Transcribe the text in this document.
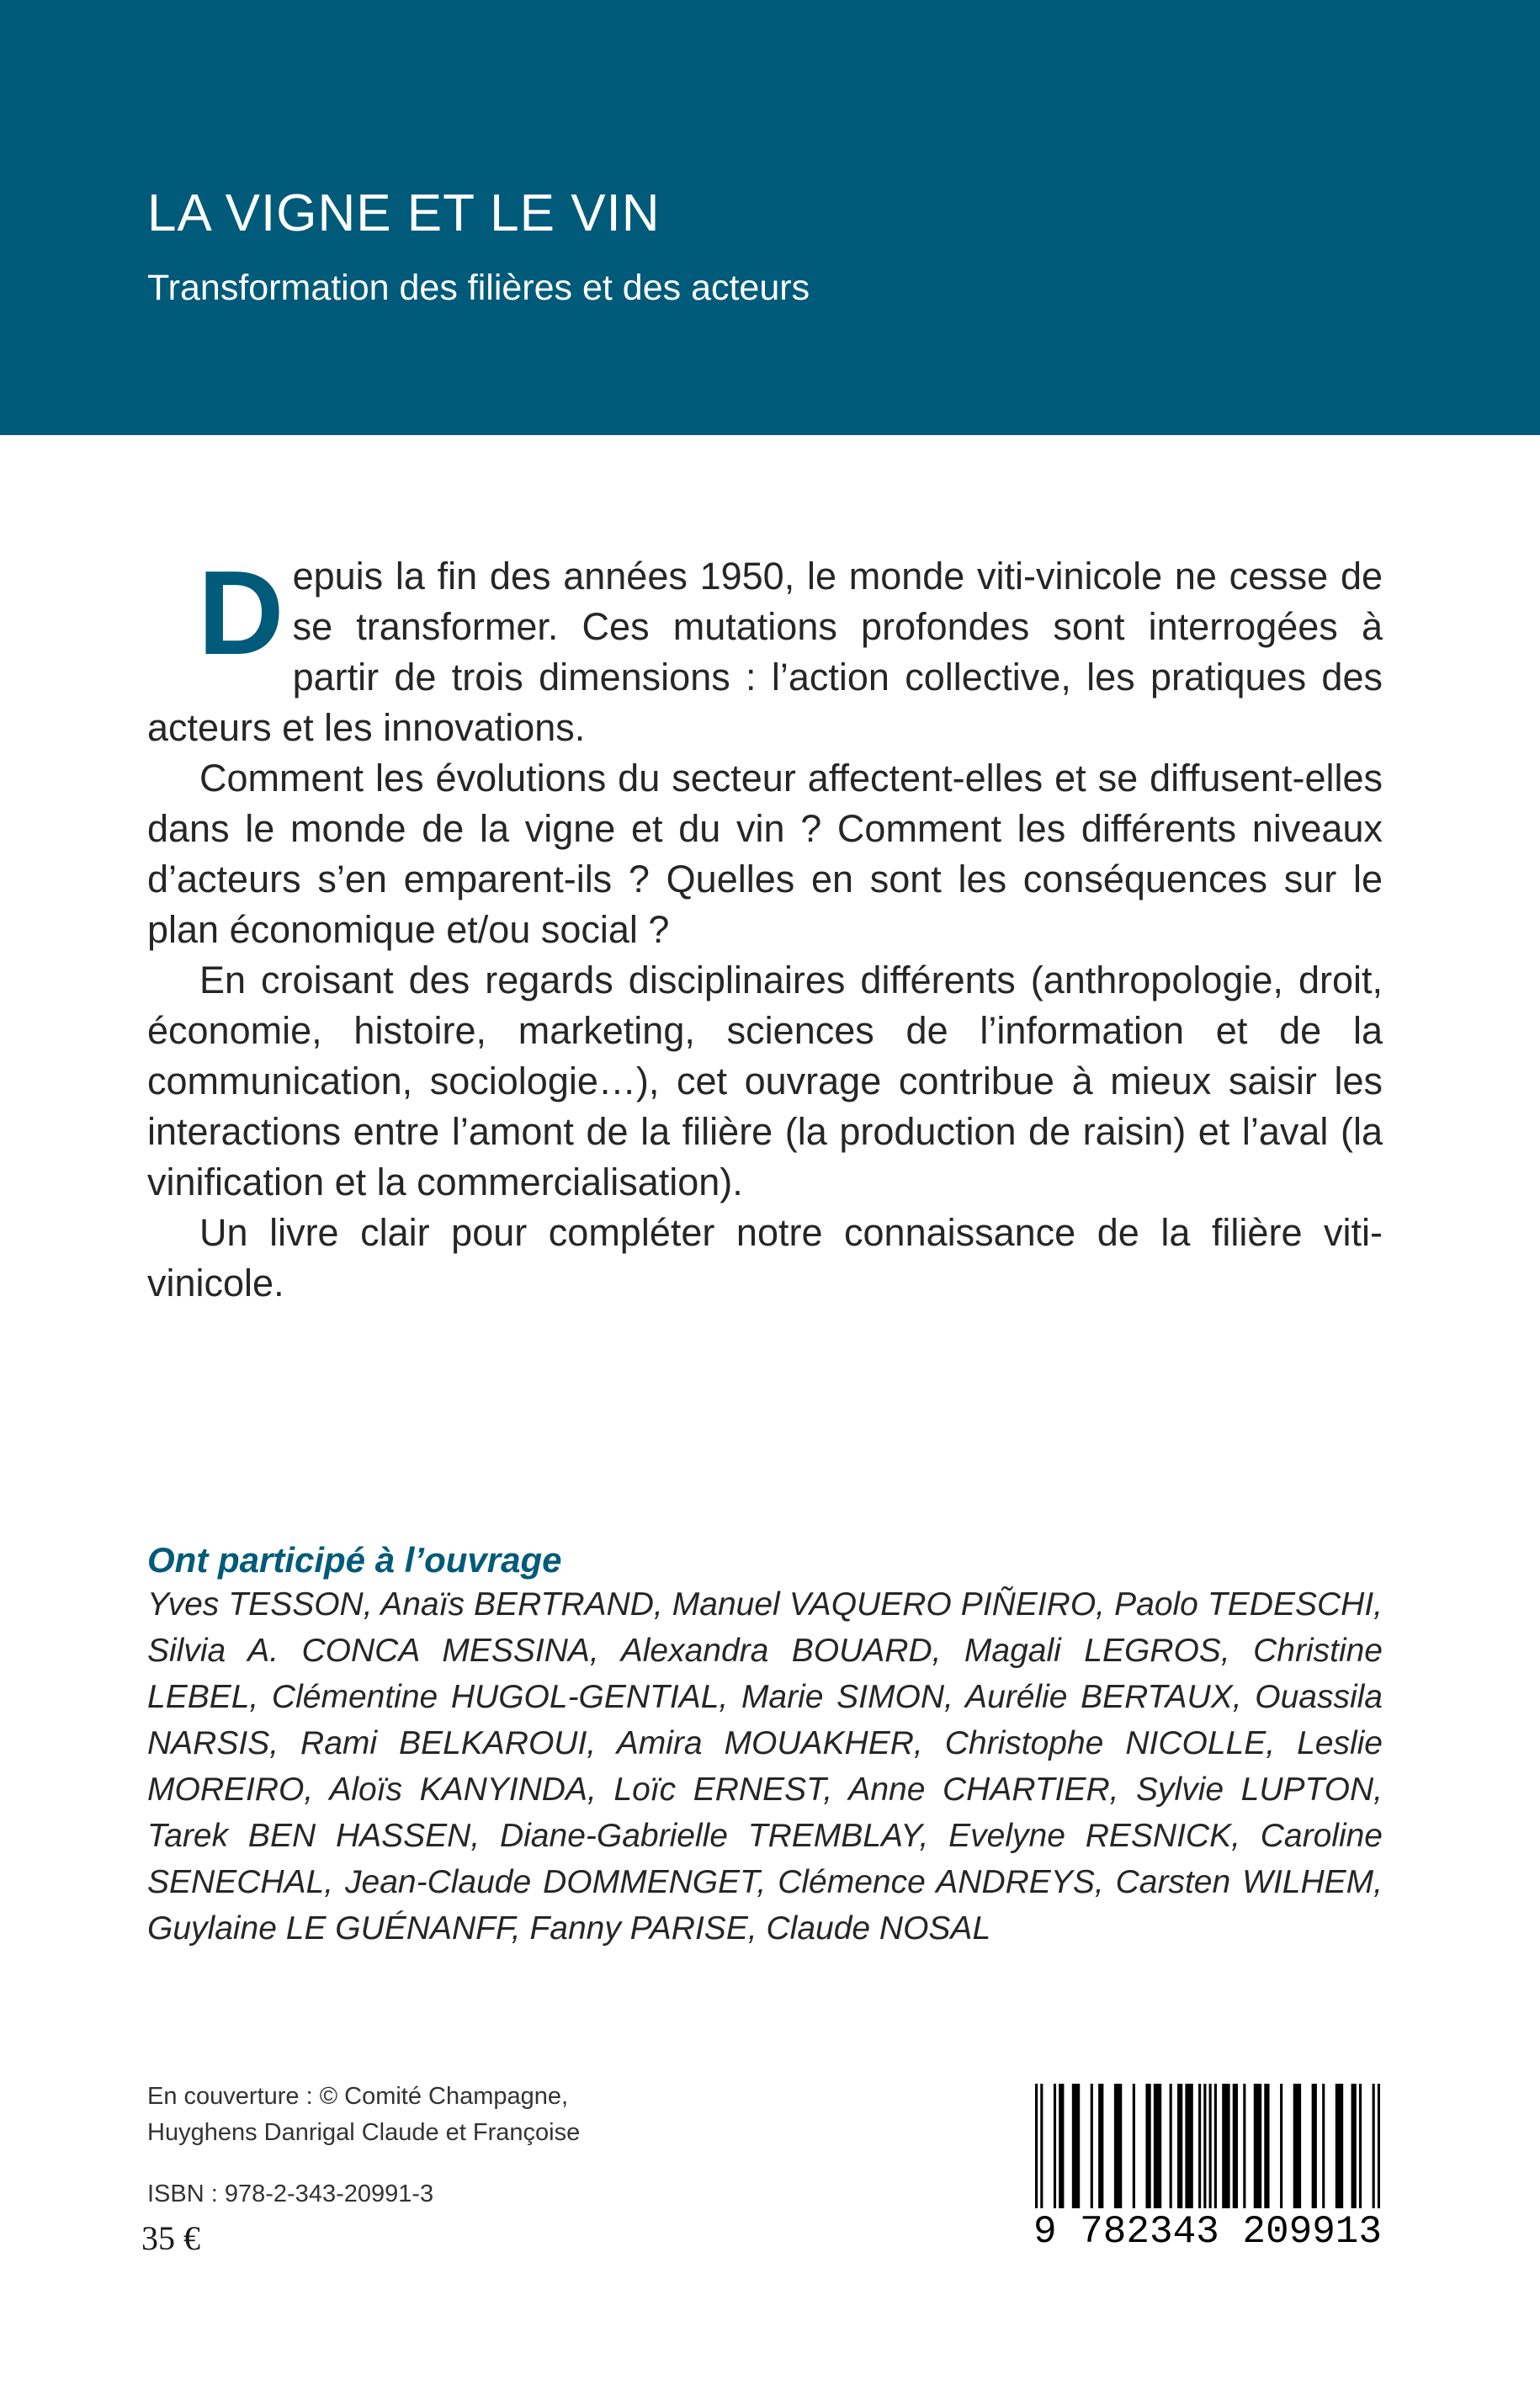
LA VIGNE ET LE VIN
Transformation des filières et des acteurs

Depuis la fin des années 1950, le monde viti-vinicole ne cesse de se transformer. Ces mutations profondes sont interrogées à partir de trois dimensions : l’action collective, les pratiques des acteurs et les innovations.

Comment les évolutions du secteur affectent-elles et se diffusent-elles dans le monde de la vigne et du vin ? Comment les différents niveaux d’acteurs s’en emparent-ils ? Quelles en sont les conséquences sur le plan économique et/ou social ?

En croisant des regards disciplinaires différents (anthropologie, droit, économie, histoire, marketing, sciences de l’information et de la communication, sociologie…), cet ouvrage contribue à mieux saisir les interactions entre l’amont de la filière (la production de raisin) et l’aval (la vinification et la commercialisation).

Un livre clair pour compléter notre connaissance de la filière viti-vinicole.

Ont participé à l’ouvrage

Yves TESSON, Anaïs BERTRAND, Manuel VAQUERO PIÑEIRO, Paolo TEDESCHI, Silvia A. CONCA MESSINA, Alexandra BOUARD, Magali LEGROS, Christine LEBEL, Clémentine HUGOL-GENTIAL, Marie SIMON, Aurélie BERTAUX, Ouassila NARSIS, Rami BELKAROUI, Amira MOUAKHER, Christophe NICOLLE, Leslie MOREIRO, Aloïs KANYINDA, Loïc ERNEST, Anne CHARTIER, Sylvie LUPTON, Tarek BEN HASSEN, Diane-Gabrielle TREMBLAY, Evelyne RESNICK, Caroline SENECHAL, Jean-Claude DOMMENGET, Clémence ANDREYS, Carsten WILHEM, Guylaine LE GUÉNANFF, Fanny PARISE, Claude NOSAL

En couverture : © Comité Champagne,
Huyghens Danrigal Claude et Françoise
ISBN : 978-2-343-20991-3
35 €	9 782343 209913
